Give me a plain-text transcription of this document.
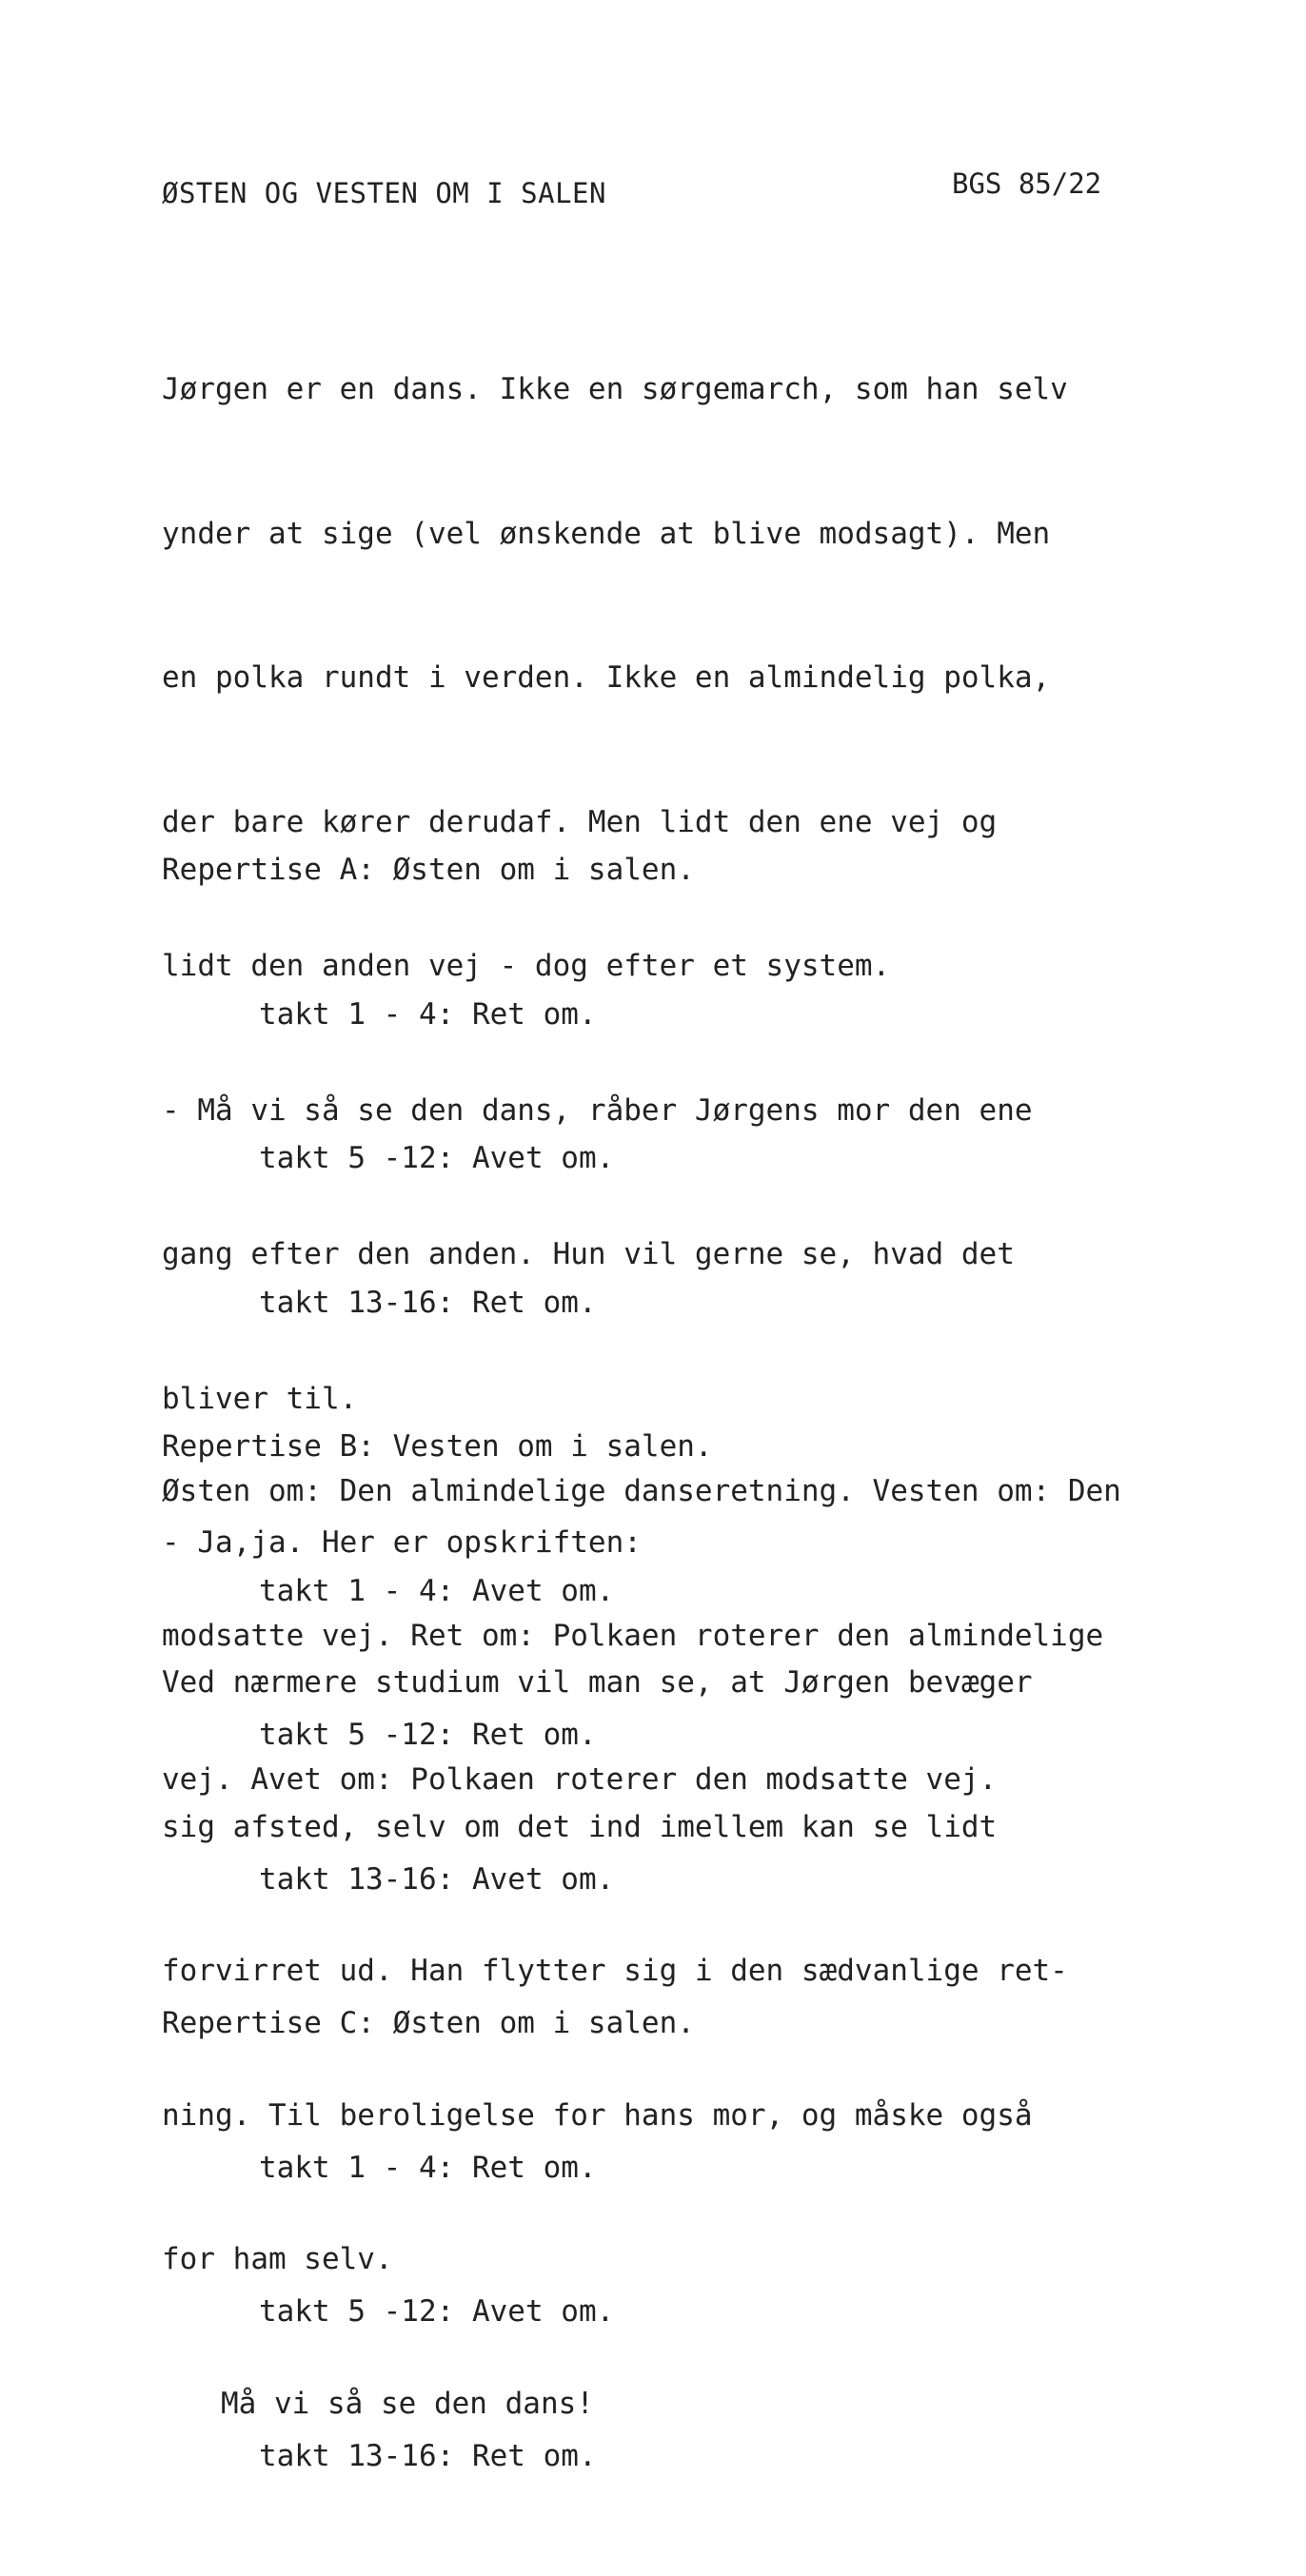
ØSTEN OG VESTEN OM I SALEN	BGS 85/22

Jørgen er en dans. Ikke en sørgemarch, som han selv

ynder at sige (vel ønskende at blive modsagt). Men

en polka rundt i verden. Ikke en almindelig polka,

der bare kører derudaf. Men lidt den ene vej og

lidt den anden vej - dog efter et system.

- Må vi så se den dans, råber Jørgens mor den ene

gang efter den anden. Hun vil gerne se, hvad det

bliver til.

- Ja,ja. Her er opskriften:

Repertise A: Østen om i salen.

takt 1 - 4: Ret om.

takt 5 -12: Avet om.

takt 13-16: Ret om.

Repertise B: Vesten om i salen.

takt 1 - 4: Avet om.

takt 5 -12: Ret om.

takt 13-16: Avet om.

Repertise C: Østen om i salen.

takt 1 - 4: Ret om.

takt 5 -12: Avet om.

takt 13-16: Ret om.

Østen om: Den almindelige danseretning. Vesten om: Den

modsatte vej. Ret om: Polkaen roterer den almindelige

vej. Avet om: Polkaen roterer den modsatte vej.

Ved nærmere studium vil man se, at Jørgen bevæger

sig afsted, selv om det ind imellem kan se lidt

forvirret ud. Han flytter sig i den sædvanlige ret-

ning. Til beroligelse for hans mor, og måske også

for ham selv.

Må vi så se den dans!
